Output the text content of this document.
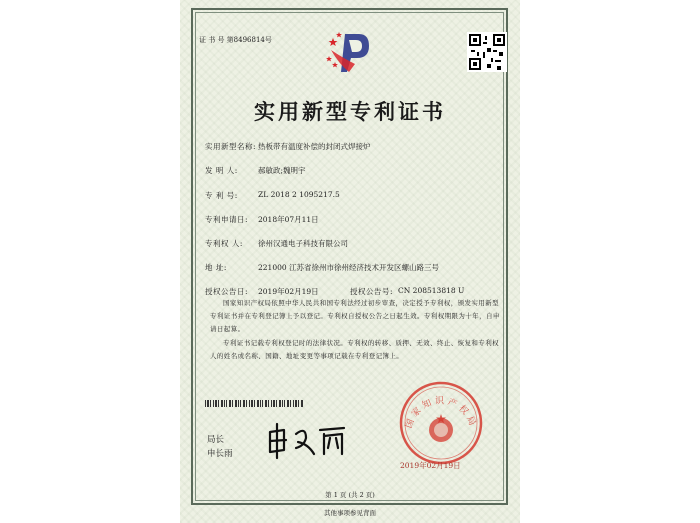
证 书 号 第8496814号
实用新型专利证书
实用新型名称: 热板带有温度补偿的封闭式焊接炉
发 明 人:	郝敏政;魏明宇
专 利 号:	ZL 2018 2 1095217.5
专利申请日: 2018年07月11日
专利权 人: 徐州汉通电子科技有限公司
地 址:	221000 江苏省徐州市徐州经济技术开发区螺山路三号
授权公告日: 2019年02月19日	授权公告号: CN 208513818 U
国家知识产权局依照中华人民共和国专利法经过初步审查，决定授予专利权，颁发实用新型专利证书并在专利登记簿上予以登记。专利权自授权公告之日起生效。专利权期限为十年，自申请日起算。
专利证书记载专利权登记时的法律状况。专利权的转移、质押、无效、终止、恢复和专利权人的姓名或名称、国籍、地址变更等事项记载在专利登记簿上。
局长
申长雨
国家知识产权局
2019年02月19日
第 1 页 (共 2 页)
其他事项参见背面
